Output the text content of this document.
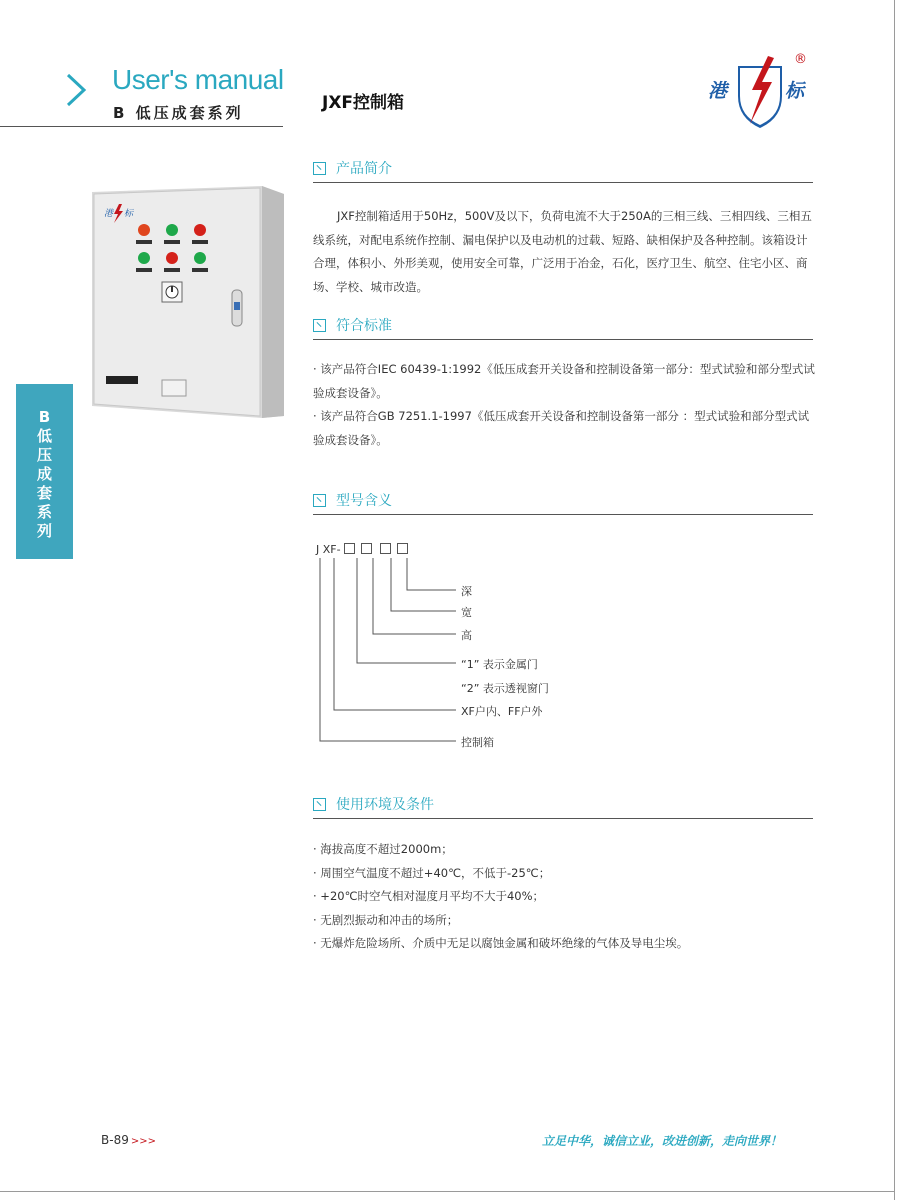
User's manual
B 低压成套系列	JXF控制箱
港	标
®
B
低
压
成
套
系
列
港 标
产品简介
JXF控制箱适用于50Hz，500V及以下，负荷电流不大于250A的三相三线、三相四线、三相五线系统，对配电系统作控制、漏电保护以及电动机的过载、短路、缺相保护及各种控制。该箱设计合理，体积小、外形美观，使用安全可靠，广泛用于冶金，石化，医疗卫生、航空、住宅小区、商场、学校、城市改造。
符合标准
· 该产品符合IEC 60439-1:1992《低压成套开关设备和控制设备第一部分：型式试验和部分型式试验成套设备》。
· 该产品符合GB 7251.1-1997《低压成套开关设备和控制设备第一部分 ：型式试验和部分型式试验成套设备》。
型号含义
J XF-
深
宽
高
“1” 表示金属门
“2” 表示透视窗门
XF户内、FF户外
控制箱
使用环境及条件
· 海拔高度不超过2000m；
· 周围空气温度不超过+40℃，不低于-25℃；
· +20℃时空气相对湿度月平均不大于40%；
· 无剧烈振动和冲击的场所；
· 无爆炸危险场所、介质中无足以腐蚀金属和破坏绝缘的气体及导电尘埃。
B-89 >>>	立足中华，诚信立业，改进创新，走向世界！
